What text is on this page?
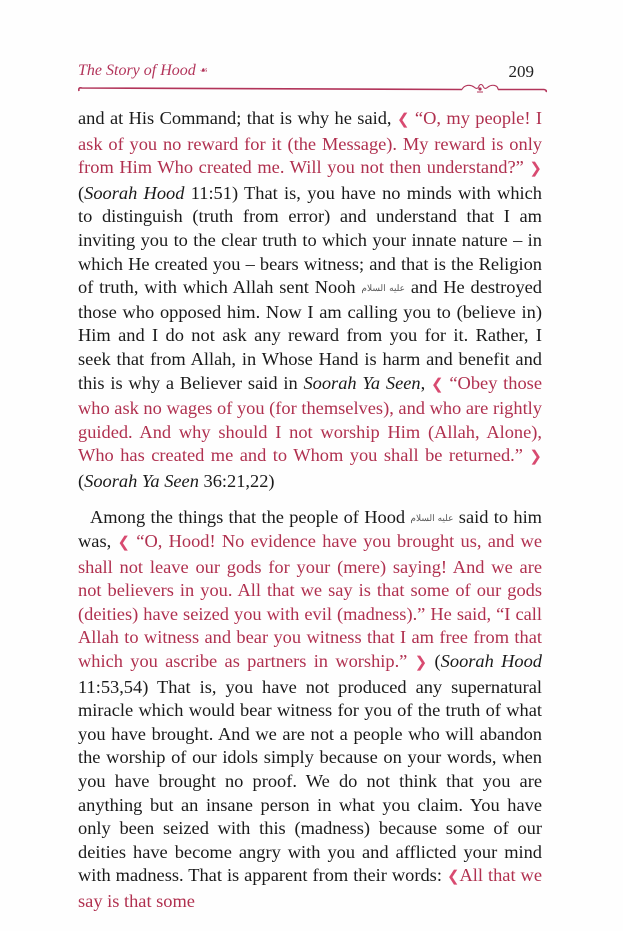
The Story of Hood ☙	209

and at His Command; that is why he said, ❮ “O, my people! I ask of you no reward for it (the Message). My reward is only from Him Who created me. Will you not then understand?” ❯ (Soorah Hood 11:51) That is, you have no minds with which to distinguish (truth from error) and understand that I am inviting you to the clear truth to which your innate nature – in which He created you – bears witness; and that is the Religion of truth, with which Allah sent Nooh عليه السلام and He destroyed those who opposed him. Now I am calling you to (believe in) Him and I do not ask any reward from you for it. Rather, I seek that from Allah, in Whose Hand is harm and benefit and this is why a Believer said in Soorah Ya Seen, ❮ “Obey those who ask no wages of you (for themselves), and who are rightly guided. And why should I not worship Him (Allah, Alone), Who has created me and to Whom you shall be returned.” ❯ (Soorah Ya Seen 36:21,22)

Among the things that the people of Hood عليه السلام said to him was, ❮ “O, Hood! No evidence have you brought us, and we shall not leave our gods for your (mere) saying! And we are not believers in you. All that we say is that some of our gods (deities) have seized you with evil (madness).” He said, “I call Allah to witness and bear you witness that I am free from that which you ascribe as partners in worship.” ❯ (Soorah Hood 11:53,54) That is, you have not produced any supernatural miracle which would bear witness for you of the truth of what you have brought. And we are not a people who will abandon the worship of our idols simply because on your words, when you have brought no proof. We do not think that you are anything but an insane person in what you claim. You have only been seized with this (madness) because some of our deities have become angry with you and afflicted your mind with madness. That is apparent from their words: ❮All that we say is that some
